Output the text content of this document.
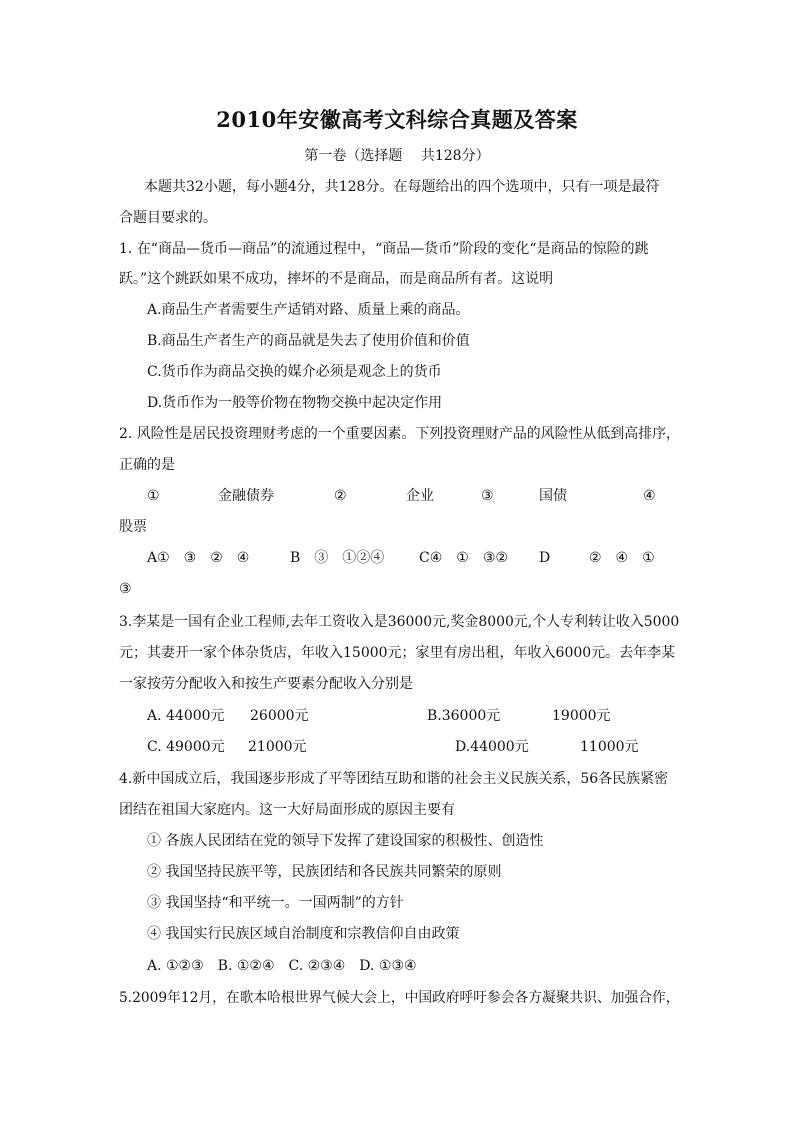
2010年安徽高考文科综合真题及答案
第一卷（选择题　 共128分）
本题共32小题，每小题4分，共128分。在每题给出的四个选项中，只有一项是最符
合题目要求的。
1. 在“商品—货币—商品”的流通过程中，“商品—货币”阶段的变化“是商品的惊险的跳
跃。”这个跳跃如果不成功，摔坏的不是商品，而是商品所有者。这说明
A.商品生产者需要生产适销对路、质量上乘的商品。
B.商品生产者生产的商品就是失去了使用价值和价值
C.货币作为商品交换的媒介必须是观念上的货币
D.货币作为一般等价物在物物交换中起决定作用
2. 风险性是居民投资理财考虑的一个重要因素。下列投资理财产品的风险性从低到高排序，
正确的是
①	金融债券	②	企业	③	国债	④
股票
A①　③　②　④	B　③　①②④ C④　①　③② D	②　④　①
③
3.李某是一国有企业工程师,去年工资收入是36000元,奖金8000元,个人专利转让收入5000
元；其妻开一家个体杂货店，年收入15000元；家里有房出租，年收入6000元。去年李某
一家按劳分配收入和按生产要素分配收入分别是
A. 44000元 26000元	B.36000元	19000元
C. 49000元 21000元	D.44000元	11000元
4.新中国成立后，我国逐步形成了平等团结互助和谐的社会主义民族关系，56各民族紧密
团结在祖国大家庭内。这一大好局面形成的原因主要有
① 各族人民团结在党的领导下发挥了建设国家的积极性、创造性
② 我国坚持民族平等，民族团结和各民族共同繁荣的原则
③ 我国坚持“和平统一。一国两制”的方针
④ 我国实行民族区域自治制度和宗教信仰自由政策
A. ①②③　B. ①②④　C. ②③④　D. ①③④
5.2009年12月，在歌本哈根世界气候大会上，中国政府呼吁参会各方凝聚共识、加强合作，
